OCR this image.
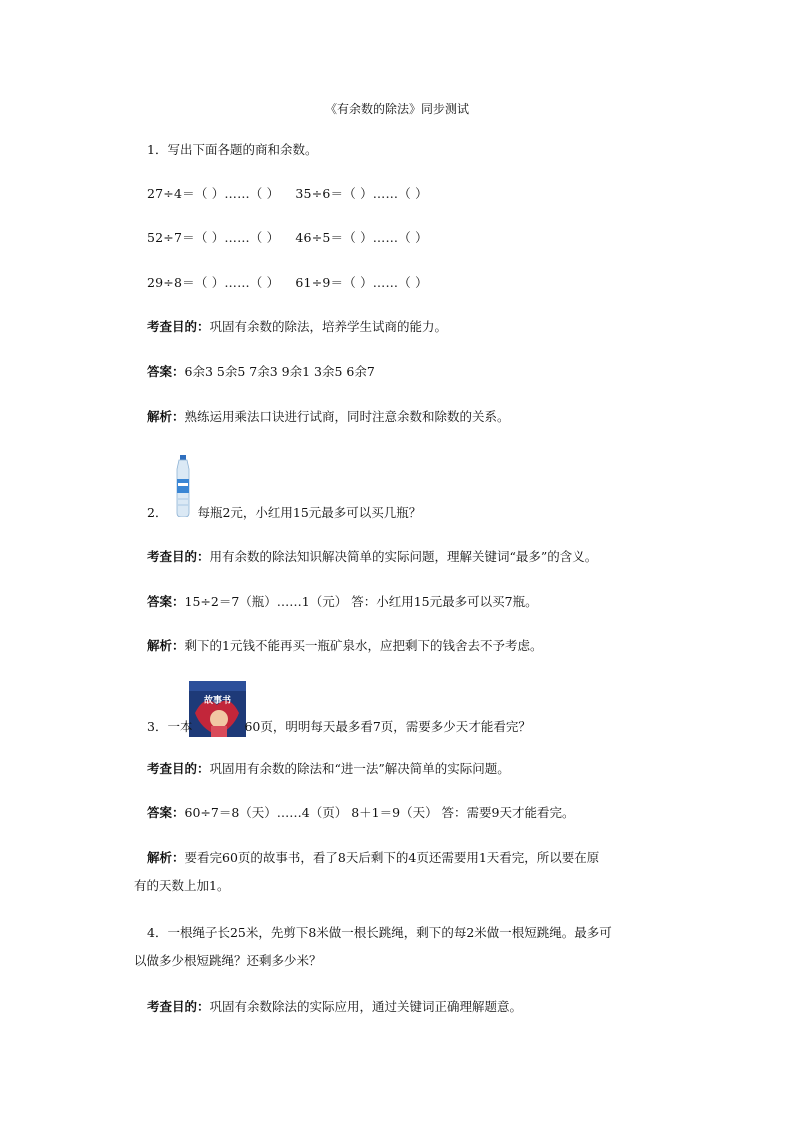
《有余数的除法》同步测试
1．写出下面各题的商和余数。
27÷4＝（ ）……（ ） 35÷6＝（ ）……（ ）
52÷7＝（ ）……（ ） 46÷5＝（ ）……（ ）
29÷8＝（ ）……（ ） 61÷9＝（ ）……（ ）
考查目的：巩固有余数的除法，培养学生试商的能力。
答案：6余3 5余5 7余3 9余1 3余5 6余7
解析：熟练运用乘法口诀进行试商，同时注意余数和除数的关系。
2． 每瓶2元，小红用15元最多可以买几瓶？
考查目的：用有余数的除法知识解决简单的实际问题，理解关键词“最多”的含义。
答案：15÷2＝7（瓶）……1（元） 答：小红用15元最多可以买7瓶。
解析：剩下的1元钱不能再买一瓶矿泉水，应把剩下的钱舍去不予考虑。
故事书
3．一本	60页，明明每天最多看7页，需要多少天才能看完？
考查目的：巩固用有余数的除法和“进一法”解决简单的实际问题。
答案：60÷7＝8（天）……4（页） 8＋1＝9（天） 答：需要9天才能看完。
解析：要看完60页的故事书，看了8天后剩下的4页还需要用1天看完，所以要在原
有的天数上加1。
4．一根绳子长25米，先剪下8米做一根长跳绳，剩下的每2米做一根短跳绳。最多可
以做多少根短跳绳？还剩多少米？
考查目的：巩固有余数除法的实际应用，通过关键词正确理解题意。
